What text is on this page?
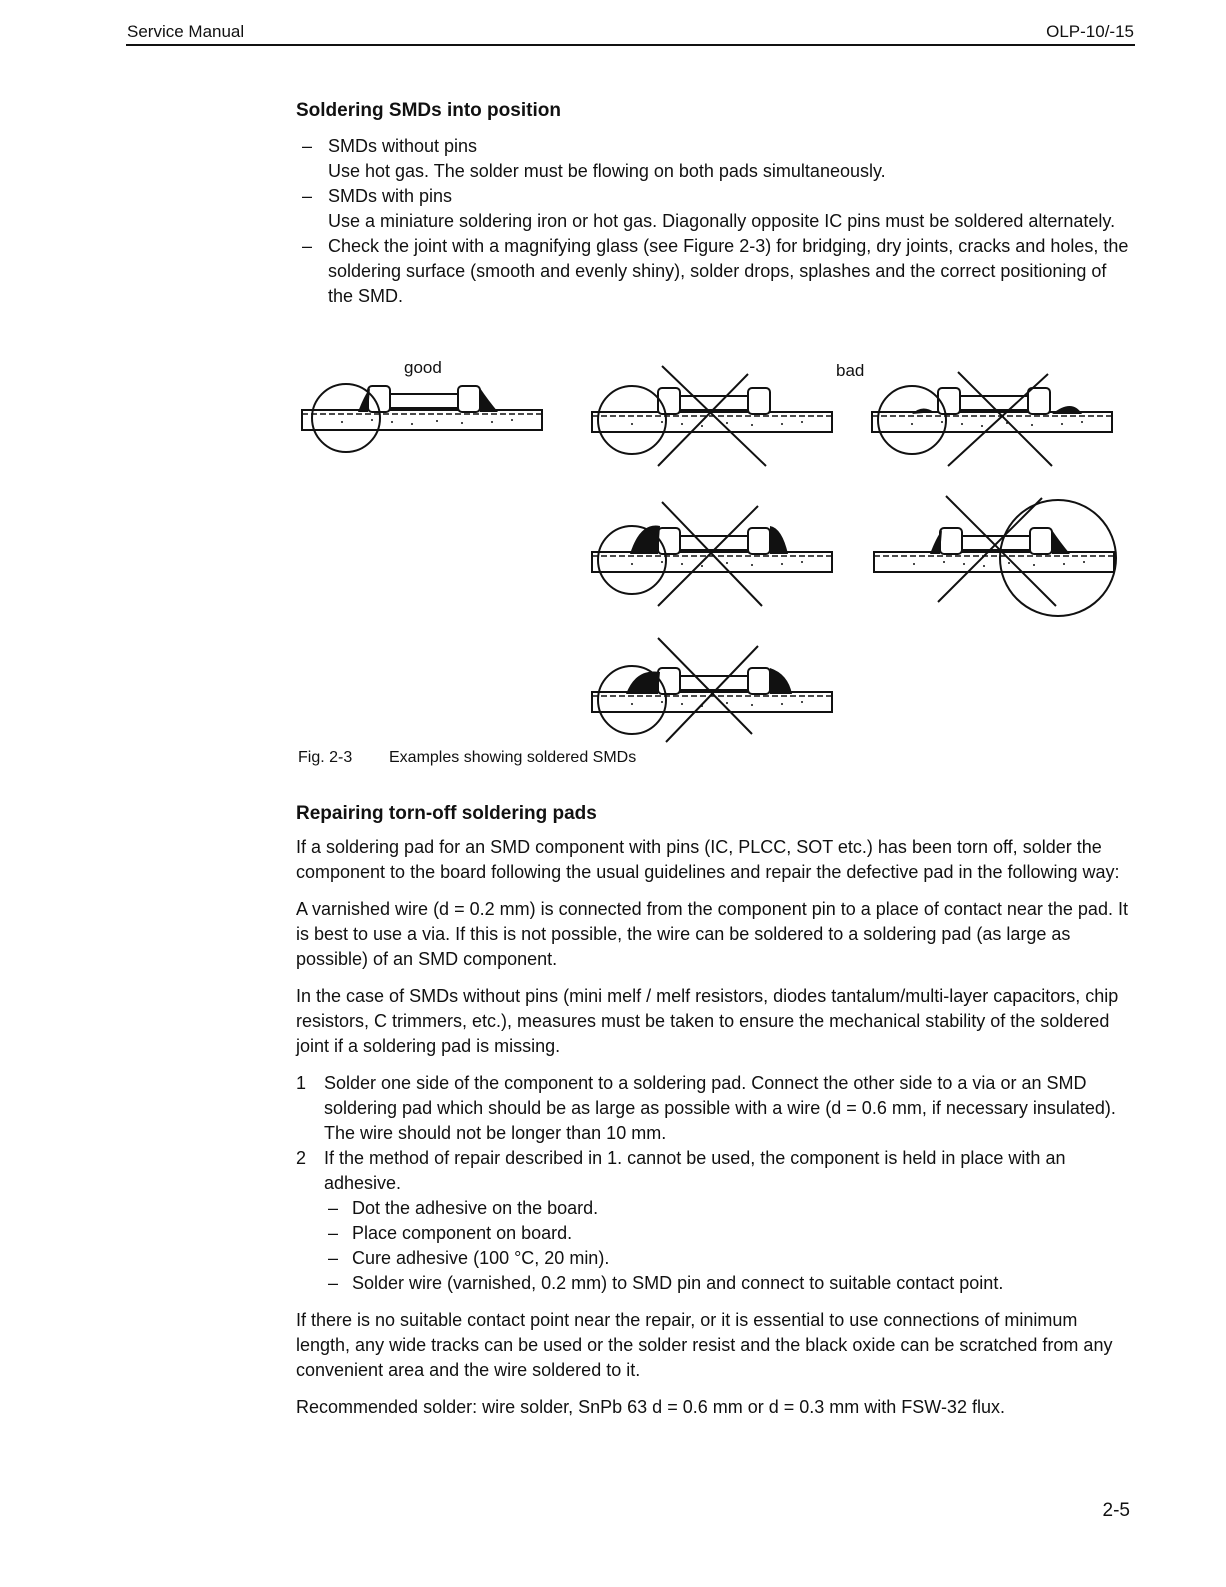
Service Manual	OLP-10/-15
Soldering SMDs into position
– SMDs without pins
Use hot gas. The solder must be flowing on both pads simultaneously.
– SMDs with pins
Use a miniature soldering iron or hot gas. Diagonally opposite IC pins must be soldered alternately.
– Check the joint with a magnifying glass (see Figure 2-3) for bridging, dry joints, cracks and holes, the soldering surface (smooth and evenly shiny), solder drops, splashes and the correct positioning of the SMD.
good	bad
Fig. 2-3 Examples showing soldered SMDs
Repairing torn-off soldering pads
If a soldering pad for an SMD component with pins (IC, PLCC, SOT etc.) has been torn off, solder the component to the board following the usual guidelines and repair the defective pad in the following way:
A varnished wire (d = 0.2 mm) is connected from the component pin to a place of contact near the pad. It is best to use a via. If this is not possible, the wire can be soldered to a soldering pad (as large as possible) of an SMD component.
In the case of SMDs without pins (mini melf / melf resistors, diodes tantalum/multi-layer capacitors, chip resistors, C trimmers, etc.), measures must be taken to ensure the mechanical stability of the soldered joint if a soldering pad is missing.
1 Solder one side of the component to a soldering pad. Connect the other side to a via or an SMD soldering pad which should be as large as possible with a wire (d = 0.6 mm, if necessary insulated). The wire should not be longer than 10 mm.
2 If the method of repair described in 1. cannot be used, the component is held in place with an adhesive.
– Dot the adhesive on the board.
– Place component on board.
– Cure adhesive (100 °C, 20 min).
– Solder wire (varnished, 0.2 mm) to SMD pin and connect to suitable contact point.
If there is no suitable contact point near the repair, or it is essential to use connections of minimum length, any wide tracks can be used or the solder resist and the black oxide can be scratched from any convenient area and the wire soldered to it.
Recommended solder: wire solder, SnPb 63 d = 0.6 mm or d = 0.3 mm with FSW-32 flux.
2-5
